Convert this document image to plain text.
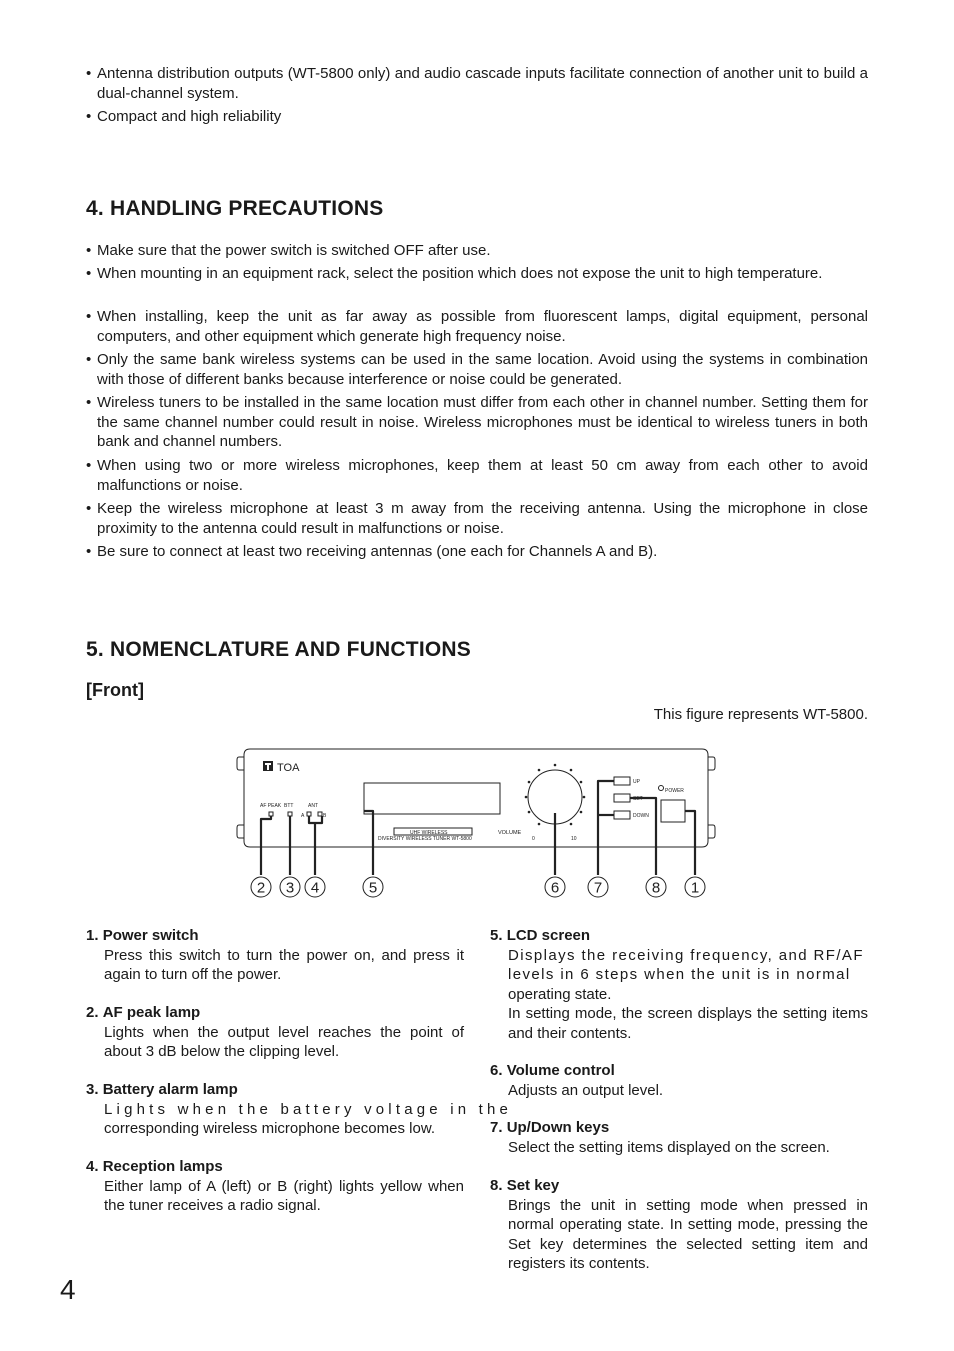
• Antenna distribution outputs (WT-5800 only) and audio cascade inputs facilitate connection of another unit to build a dual-channel system.
• Compact and high reliability
4. HANDLING PRECAUTIONS
• Make sure that the power switch is switched OFF after use.
• When mounting in an equipment rack, select the position which does not expose the unit to high temperature.
• When installing, keep the unit as far away as possible from fluorescent lamps, digital equipment, personal computers, and other equipment which generate high frequency noise.
• Only the same bank wireless systems can be used in the same location. Avoid using the systems in combination with those of different banks because interference or noise could be generated.
• Wireless tuners to be installed in the same location must differ from each other in channel number. Setting them for the same channel number could result in noise. Wireless microphones must be identical to wireless tuners in both bank and channel numbers.
• When using two or more wireless microphones, keep them at least 50 cm away from each other to avoid malfunctions or noise.
• Keep the wireless microphone at least 3 m away from the receiving antenna. Using the microphone in close proximity to the antenna could result in malfunctions or noise.
• Be sure to connect at least two receiving antennas (one each for Channels A and B).
5. NOMENCLATURE AND FUNCTIONS
[Front]
This figure represents WT-5800.
TOA
AF PEAK BTT	ANT
A	B
UHF WIRELESS
DIVERSITY WIRELESS TUNER WT-5800
VOLUME
0	10
UP
SET
DOWN
POWER
2 3 4	5	6 7	8 1
1. Power switch
Press this switch to turn the power on, and press it again to turn off the power.
2. AF peak lamp
Lights when the output level reaches the point of about 3 dB below the clipping level.
3. Battery alarm lamp
Lights when the battery voltage in the
corresponding wireless microphone becomes low.
4. Reception lamps
Either lamp of A (left) or B (right) lights yellow when the tuner receives a radio signal.
5. LCD screen
Displays the receiving frequency, and RF/AF
levels in 6 steps when the unit is in normal
operating state.
In setting mode, the screen displays the setting items and their contents.
6. Volume control
Adjusts an output level.
7. Up/Down keys
Select the setting items displayed on the screen.
8. Set key
Brings the unit in setting mode when pressed in normal operating state. In setting mode, pressing the Set key determines the selected setting item and registers its contents.
4
